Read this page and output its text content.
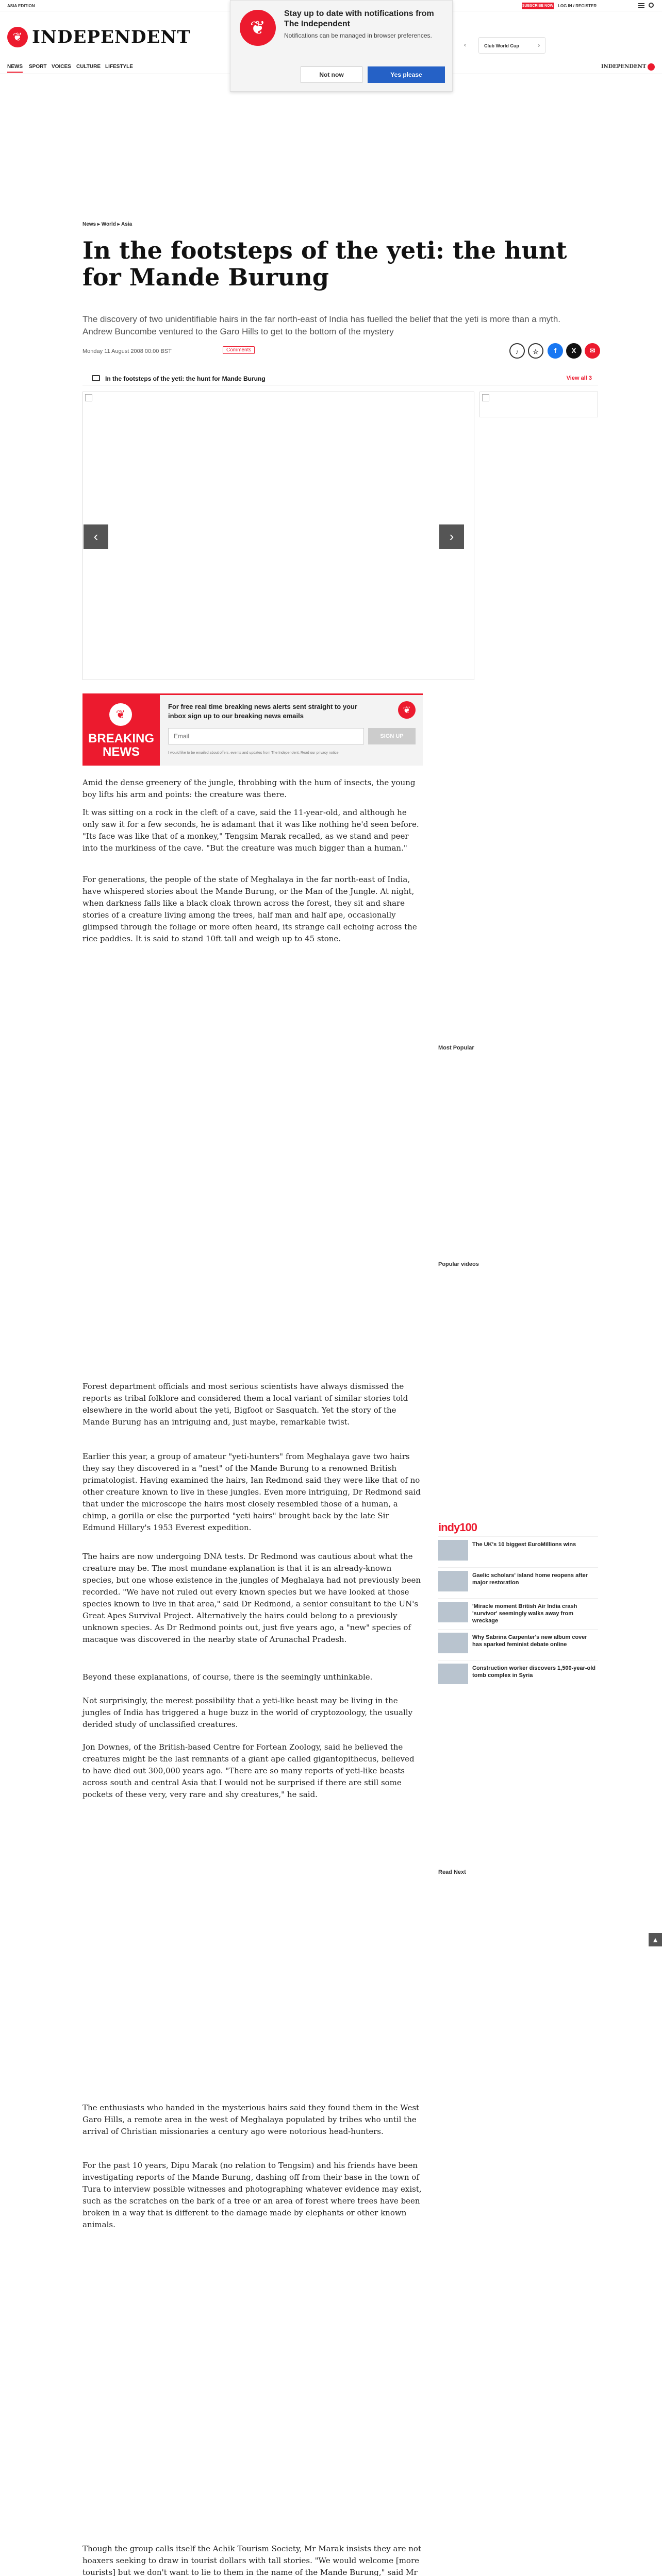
ASIA EDITION	SUBSCRIBE NOW LOG IN / REGISTER
❦ INDEPENDENT	‹	Club World Cup	›
NEWS SPORT VOICES CULTURE LIFESTYLE	INDEPENDENT
❦
Stay up to date with notifications from The Independent
Notifications can be managed in browser preferences.
Not now	Yes please
News ▸ World ▸ Asia
In the footsteps of the yeti: the hunt for Mande Burung

The discovery of two unidentifiable hairs in the far north-east of India has fuelled the belief that the yeti is more than a myth. Andrew Buncombe ventured to the Garo Hills to get to the bottom of the mystery

Monday 11 August 2008 00:00 BST	Comments	♪	☆	f	X	✉
In the footsteps of the yeti: the hunt for Mande Burung	View all 3
‹	›
❦
BREAKING NEWS
For free real time breaking news alerts sent straight to your inbox sign up to our breaking news emails
❦
Email
SIGN UP
I would like to be emailed about offers, events and updates from The Independent. Read our privacy notice

Amid the dense greenery of the jungle, throbbing with the hum of insects, the young boy lifts his arm and points: the creature was there.

It was sitting on a rock in the cleft of a cave, said the 11-year-old, and although he only saw it for a few seconds, he is adamant that it was like nothing he'd seen before. "Its face was like that of a monkey," Tengsim Marak recalled, as we stand and peer into the murkiness of the cave. "But the creature was much bigger than a human."

For generations, the people of the state of Meghalaya in the far north-east of India, have whispered stories about the Mande Burung, or the Man of the Jungle. At night, when darkness falls like a black cloak thrown across the forest, they sit and share stories of a creature living among the trees, half man and half ape, occasionally glimpsed through the foliage or more often heard, its strange call echoing across the rice paddies. It is said to stand 10ft tall and weigh up to 45 stone.

Forest department officials and most serious scientists have always dismissed the reports as tribal folklore and considered them a local variant of similar stories told elsewhere in the world about the yeti, Bigfoot or Sasquatch. Yet the story of the Mande Burung has an intriguing and, just maybe, remarkable twist.

Earlier this year, a group of amateur "yeti-hunters" from Meghalaya gave two hairs they say they discovered in a "nest" of the Mande Burung to a renowned British primatologist. Having examined the hairs, Ian Redmond said they were like that of no other creature known to live in these jungles. Even more intriguing, Dr Redmond said that under the microscope the hairs most closely resembled those of a human, a chimp, a gorilla or else the purported "yeti hairs" brought back by the late Sir Edmund Hillary's 1953 Everest expedition.

The hairs are now undergoing DNA tests. Dr Redmond was cautious about what the creature may be. The most mundane explanation is that it is an already-known species, but one whose existence in the jungles of Meghalaya had not previously been recorded. "We have not ruled out every known species but we have looked at those species known to live in that area," said Dr Redmond, a senior consultant to the UN's Great Apes Survival Project. Alternatively the hairs could belong to a previously unknown species. As Dr Redmond points out, just five years ago, a "new" species of macaque was discovered in the nearby state of Arunachal Pradesh.

Beyond these explanations, of course, there is the seemingly unthinkable.

Not surprisingly, the merest possibility that a yeti-like beast may be living in the jungles of India has triggered a huge buzz in the world of cryptozoology, the usually derided study of unclassified creatures.

Jon Downes, of the British-based Centre for Fortean Zoology, said he believed the creatures might be the last remnants of a giant ape called gigantopithecus, believed to have died out 300,000 years ago. "There are so many reports of yeti-like beasts across south and central Asia that I would not be surprised if there are still some pockets of these very, very rare and shy creatures," he said.

The enthusiasts who handed in the mysterious hairs said they found them in the West Garo Hills, a remote area in the west of Meghalaya populated by tribes who until the arrival of Christian missionaries a century ago were notorious head-hunters.

For the past 10 years, Dipu Marak (no relation to Tengsim) and his friends have been investigating reports of the Mande Burung, dashing off from their base in the town of Tura to interview possible witnesses and photographing whatever evidence may exist, such as the scratches on the bark of a tree or an area of forest where trees have been broken in a way that is different to the damage made by elephants or other known animals.

Though the group calls itself the Achik Tourism Society, Mr Marak insists they are not hoaxers seeking to draw in tourist dollars with tall stories. "We would welcome [more tourists] but we don't want to lie to them in the name of the Mande Burung," said Mr

Most Popular
Popular videos
indy100
The UK's 10 biggest EuroMillions wins
Gaelic scholars' island home reopens after major restoration
'Miracle moment British Air India crash 'survivor' seemingly walks away from wreckage
Why Sabrina Carpenter's new album cover has sparked feminist debate online
Construction worker discovers 1,500-year-old tomb complex in Syria
Read Next
▲
